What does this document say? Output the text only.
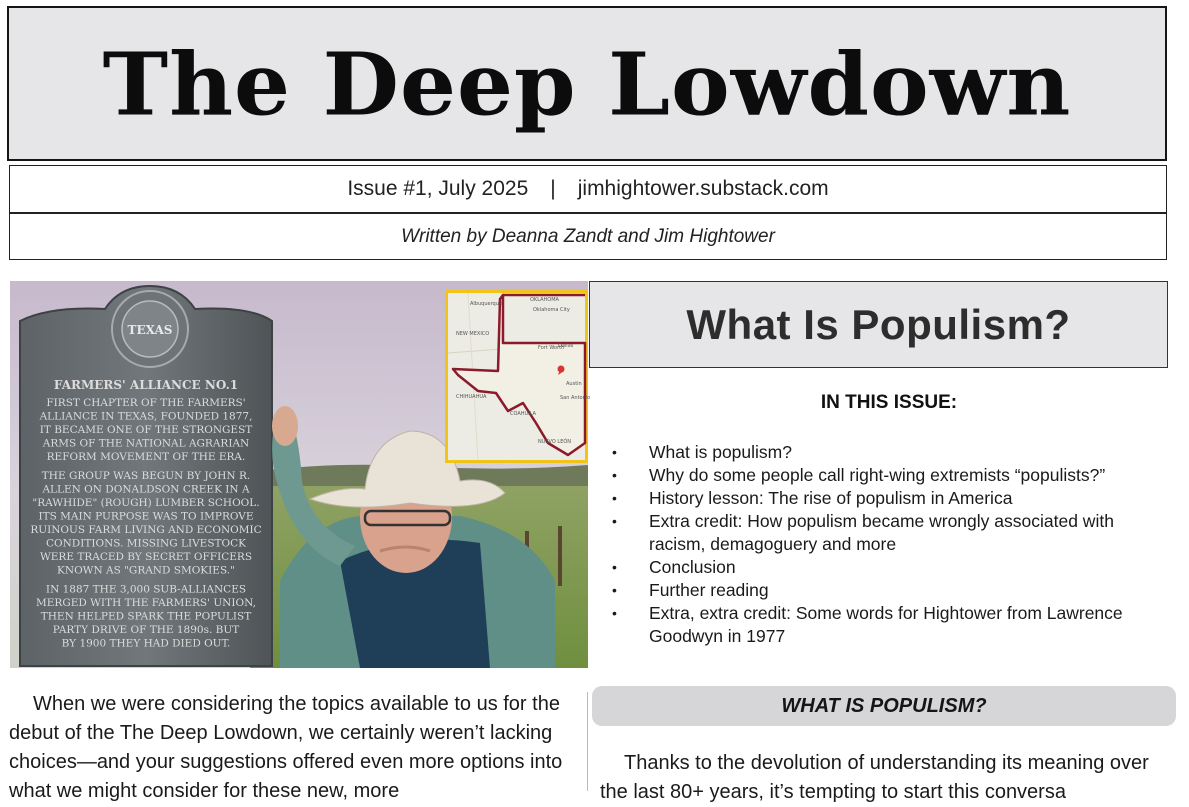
The Deep Lowdown
Issue #1, July 2025 | jimhightower.substack.com
Written by Deanna Zandt and Jim Hightower
TEXAS
FARMERS' ALLIANCE NO.1
FIRST CHAPTER OF THE FARMERS'
ALLIANCE IN TEXAS, FOUNDED 1877,
IT BECAME ONE OF THE STRONGEST
ARMS OF THE NATIONAL AGRARIAN
REFORM MOVEMENT OF THE ERA.
THE GROUP WAS BEGUN BY JOHN R.
ALLEN ON DONALDSON CREEK IN A
"RAWHIDE" (ROUGH) LUMBER SCHOOL.
ITS MAIN PURPOSE WAS TO IMPROVE
RUINOUS FARM LIVING AND ECONOMIC
CONDITIONS. MISSING LIVESTOCK
WERE TRACED BY SECRET OFFICERS
KNOWN AS "GRAND SMOKIES."
IN 1887 THE 3,000 SUB-ALLIANCES
MERGED WITH THE FARMERS' UNION,
THEN HELPED SPARK THE POPULIST
PARTY DRIVE OF THE 1890s. BUT
BY 1900 THEY HAD DIED OUT.
OKLAHOMA
Oklahoma City
Albuquerque
NEW MEXICO
Fort Worth
Dallas
Austin
San Antonio
CHIHUAHUA
COAHUILA
NUEVO LEÓN
What Is Populism?
IN THIS ISSUE:
• What is populism?
• Why do some people call right-wing extremists “populists?”
• History lesson: The rise of populism in America
• Extra credit: How populism became wrongly associated with racism, demagoguery and more
• Conclusion
• Further reading
• Extra, extra credit: Some words for Hightower from Lawrence Goodwyn in 1977

When we were considering the topics available to us for the debut of the The Deep Lowdown, we certainly weren’t lacking choices—and your suggestions offered even more options into what we might consider for these new, more

WHAT IS POPULISM?

Thanks to the devolution of understanding its meaning over the last 80+ years, it’s tempting to start this conversa
